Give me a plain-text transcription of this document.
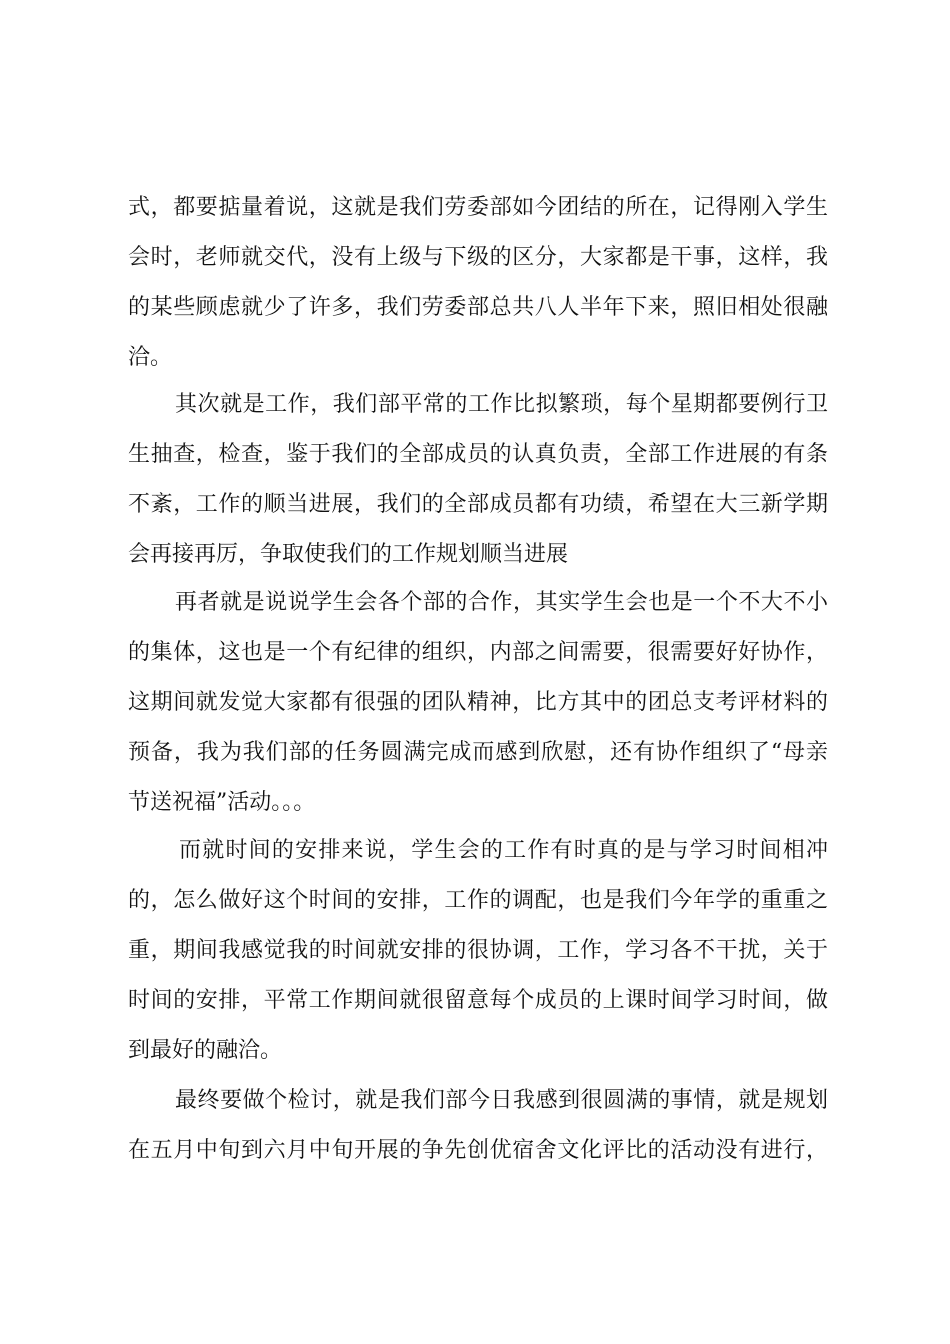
式，都要掂量着说，这就是我们劳委部如今团结的所在，记得刚入学生
会时，老师就交代，没有上级与下级的区分，大家都是干事，这样，我
的某些顾虑就少了许多，我们劳委部总共八人半年下来，照旧相处很融
洽。
其次就是工作，我们部平常的工作比拟繁琐，每个星期都要例行卫
生抽查，检查，鉴于我们的全部成员的认真负责，全部工作进展的有条
不紊，工作的顺当进展，我们的全部成员都有功绩，希望在大三新学期
会再接再厉，争取使我们的工作规划顺当进展
再者就是说说学生会各个部的合作，其实学生会也是一个不大不小
的集体，这也是一个有纪律的组织，内部之间需要，很需要好好协作，
这期间就发觉大家都有很强的团队精神，比方其中的团总支考评材料的
预备，我为我们部的任务圆满完成而感到欣慰，还有协作组织了“母亲
节送祝福”活动。。。
而就时间的安排来说，学生会的工作有时真的是与学习时间相冲
的，怎么做好这个时间的安排，工作的调配，也是我们今年学的重重之
重，期间我感觉我的时间就安排的很协调，工作，学习各不干扰，关于
时间的安排，平常工作期间就很留意每个成员的上课时间学习时间，做
到最好的融洽。
最终要做个检讨，就是我们部今日我感到很圆满的事情，就是规划
在五月中旬到六月中旬开展的争先创优宿舍文化评比的活动没有进行，
